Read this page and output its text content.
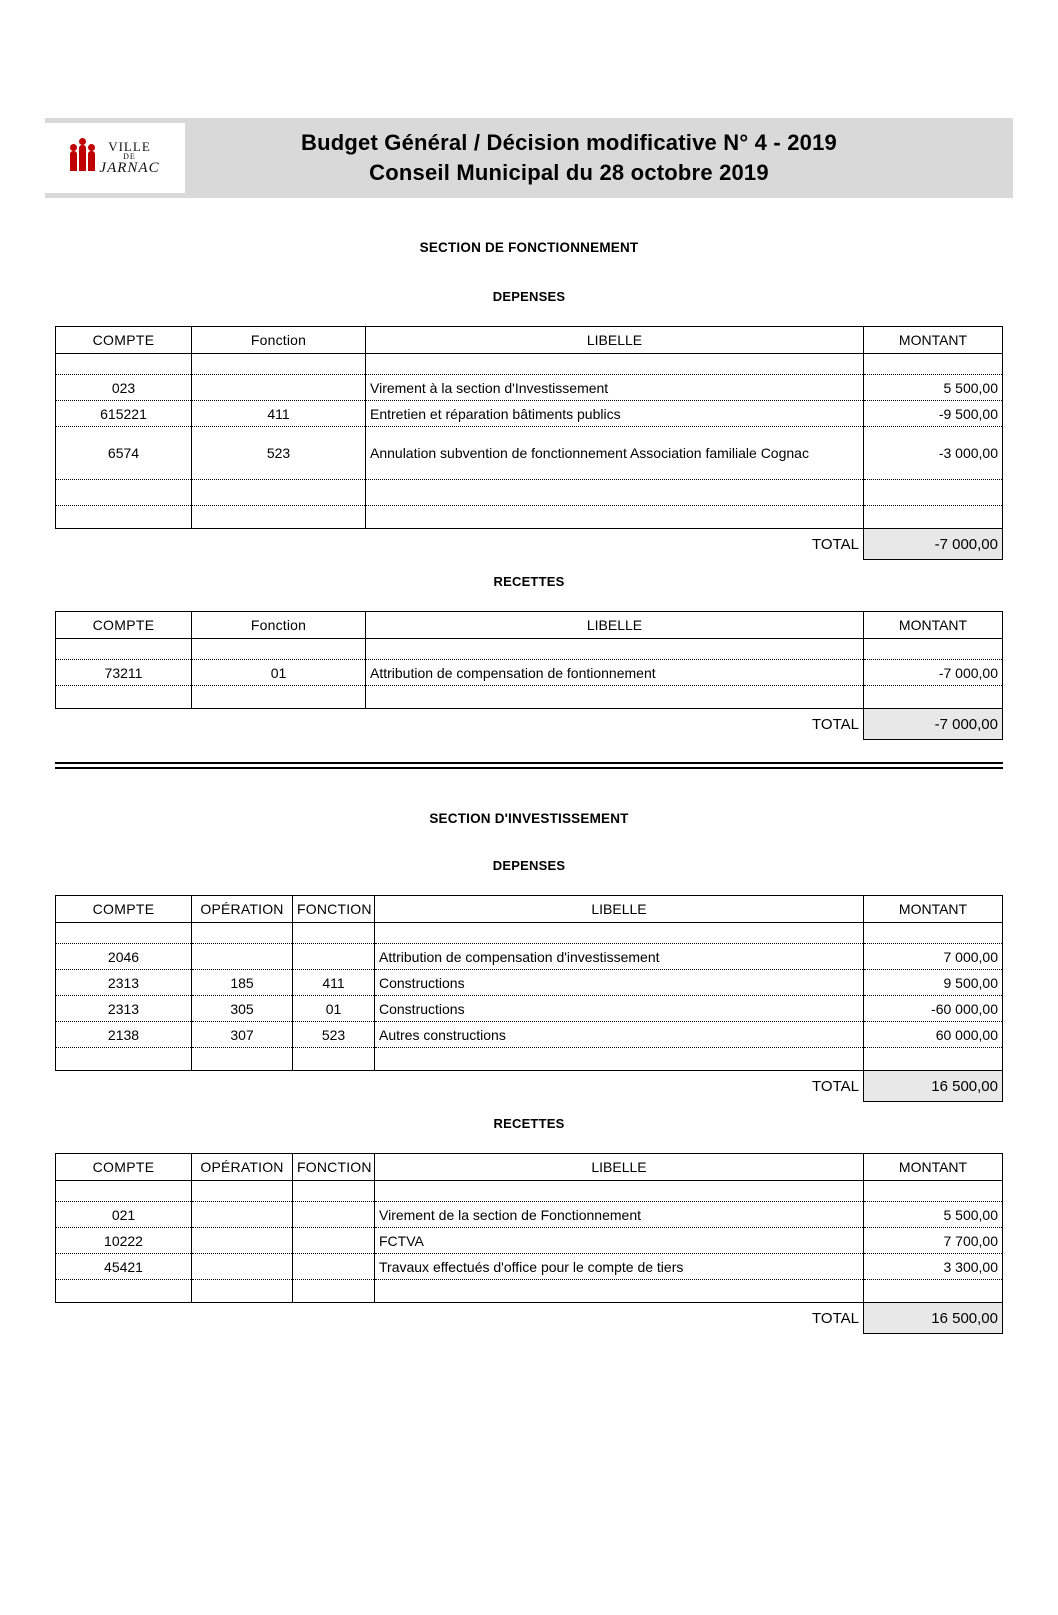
VILLE
DE
JARNAC
Budget Général / Décision modificative N° 4 - 2019
Conseil Municipal du 28 octobre 2019
SECTION DE FONCTIONNEMENT
DEPENSES
COMPTE	Fonction	LIBELLE	MONTANT

023		Virement à la section d'Investissement	5 500,00
615221	411	Entretien et réparation bâtiments publics	-9 500,00
6574	523	Annulation subvention de fonctionnement Association familiale Cognac	-3 000,00

TOTAL			-7 000,00
RECETTES
COMPTE	Fonction	LIBELLE	MONTANT

73211	01	Attribution de compensation de fontionnement	-7 000,00

TOTAL			-7 000,00
SECTION D'INVESTISSEMENT
DEPENSES
COMPTE	OPÉRATION	FONCTION	LIBELLE	MONTANT

2046			Attribution de compensation d'investissement	7 000,00
2313	185	411	Constructions	9 500,00
2313	305	01	Constructions	-60 000,00
2138	307	523	Autres constructions	60 000,00

TOTAL				16 500,00
RECETTES
COMPTE	OPÉRATION	FONCTION	LIBELLE	MONTANT

021			Virement de la section de Fonctionnement	5 500,00
10222			FCTVA	7 700,00
45421			Travaux effectués d'office pour le compte de tiers	3 300,00

TOTAL				16 500,00
